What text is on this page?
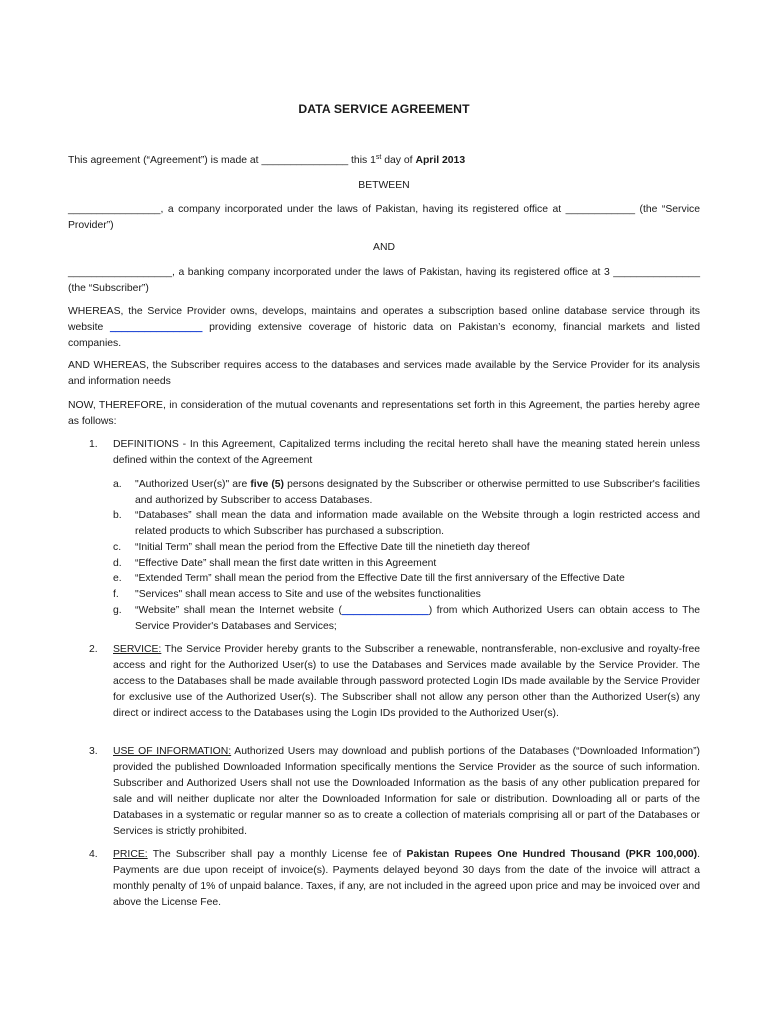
DATA SERVICE AGREEMENT
This agreement (“Agreement”) is made at _______________ this 1st day of April 2013
BETWEEN
________________, a company incorporated under the laws of Pakistan, having its registered office at ____________ (the “Service Provider”)
AND
__________________, a banking company incorporated under the laws of Pakistan, having its registered office at 3 _______________ (the “Subscriber”)
WHEREAS, the Service Provider owns, develops, maintains and operates a subscription based online database service through its website ________________ providing extensive coverage of historic data on Pakistan’s economy, financial markets and listed companies.
AND WHEREAS, the Subscriber requires access to the databases and services made available by the Service Provider for its analysis and information needs
NOW, THEREFORE, in consideration of the mutual covenants and representations set forth in this Agreement, the parties hereby agree as follows:
1.	DEFINITIONS - In this Agreement, Capitalized terms including the recital hereto shall have the meaning stated herein unless defined within the context of the Agreement
a.	"Authorized User(s)" are five (5) persons designated by the Subscriber or otherwise permitted to use Subscriber's facilities and authorized by Subscriber to access Databases.
b.	“Databases” shall mean the data and information made available on the Website through a login restricted access and related products to which Subscriber has purchased a subscription.
c.	“Initial Term” shall mean the period from the Effective Date till the ninetieth day thereof
d.	“Effective Date” shall mean the first date written in this Agreement
e.	“Extended Term” shall mean the period from the Effective Date till the first anniversary of the Effective Date
f.	"Services" shall mean access to Site and use of the websites functionalities
g.	“Website” shall mean the Internet website (_______________) from which Authorized Users can obtain access to The Service Provider's Databases and Services;
2.	SERVICE: The Service Provider hereby grants to the Subscriber a renewable, nontransferable, non-exclusive and royalty-free access and right for the Authorized User(s) to use the Databases and Services made available by the Service Provider. The access to the Databases shall be made available through password protected Login IDs made available by the Service Provider for exclusive use of the Authorized User(s). The Subscriber shall not allow any person other than the Authorized User(s) any direct or indirect access to the Databases using the Login IDs provided to the Authorized User(s).
3.	USE OF INFORMATION: Authorized Users may download and publish portions of the Databases (“Downloaded Information”) provided the published Downloaded Information specifically mentions the Service Provider as the source of such information. Subscriber and Authorized Users shall not use the Downloaded Information as the basis of any other publication prepared for sale and will neither duplicate nor alter the Downloaded Information for sale or distribution. Downloading all or parts of the Databases in a systematic or regular manner so as to create a collection of materials comprising all or part of the Databases or Services is strictly prohibited.
4.	PRICE: The Subscriber shall pay a monthly License fee of Pakistan Rupees One Hundred Thousand (PKR 100,000). Payments are due upon receipt of invoice(s). Payments delayed beyond 30 days from the date of the invoice will attract a monthly penalty of 1% of unpaid balance. Taxes, if any, are not included in the agreed upon price and may be invoiced over and above the License Fee.
